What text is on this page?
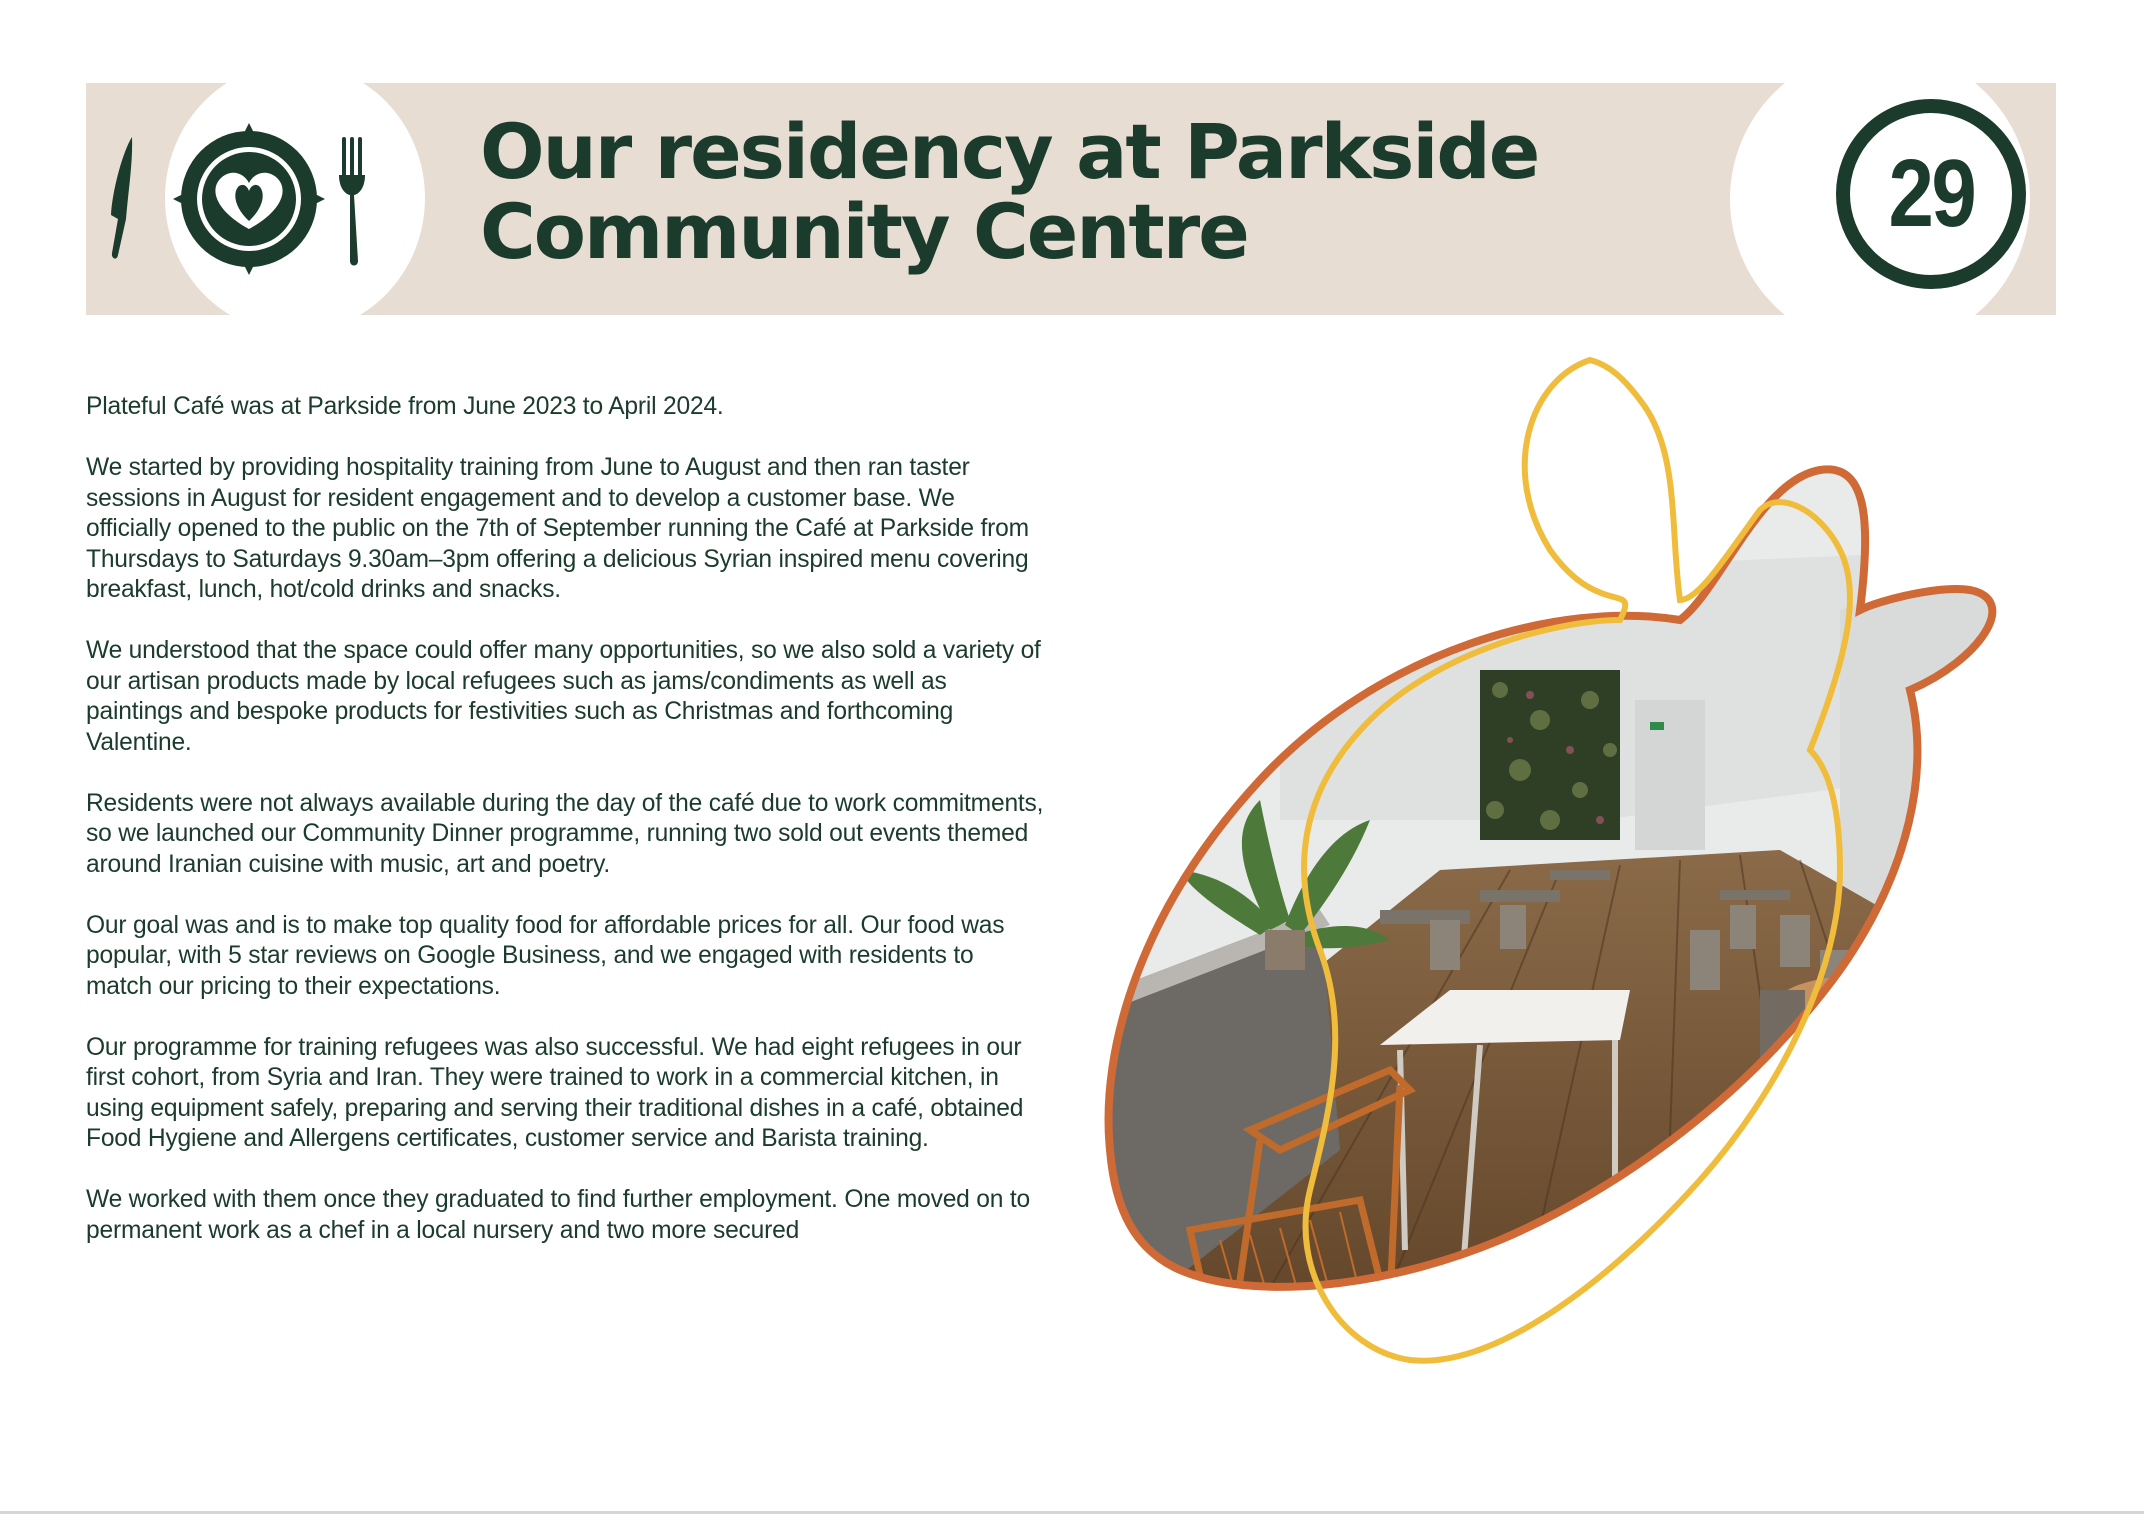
29
Our residency at Parkside
Community Centre

Plateful Café was at Parkside from June 2023 to April 2024.

We started by providing hospitality training from June to August and then ran taster sessions in August for resident engagement and to develop a customer base. We officially opened to the public on the 7th of September running the Café at Parkside from Thursdays to Saturdays 9.30am–3pm offering a delicious Syrian inspired menu covering breakfast, lunch, hot/cold drinks and snacks.

We understood that the space could offer many opportunities, so we also sold a variety of our artisan products made by local refugees such as jams/condiments as well as paintings and bespoke products for festivities such as Christmas and forthcoming Valentine.

Residents were not always available during the day of the café due to work commitments, so we launched our Community Dinner programme, running two sold out events themed around Iranian cuisine with music, art and poetry.

Our goal was and is to make top quality food for affordable prices for all. Our food was popular, with 5 star reviews on Google Business, and we engaged with residents to match our pricing to their expectations.

Our programme for training refugees was also successful. We had eight refugees in our first cohort, from Syria and Iran. They were trained to work in a commercial kitchen, in using equipment safely, preparing and serving their traditional dishes in a café, obtained Food Hygiene and Allergens certificates, customer service and Barista training.

We worked with them once they graduated to find further employment. One moved on to permanent work as a chef in a local nursery and two more secured
